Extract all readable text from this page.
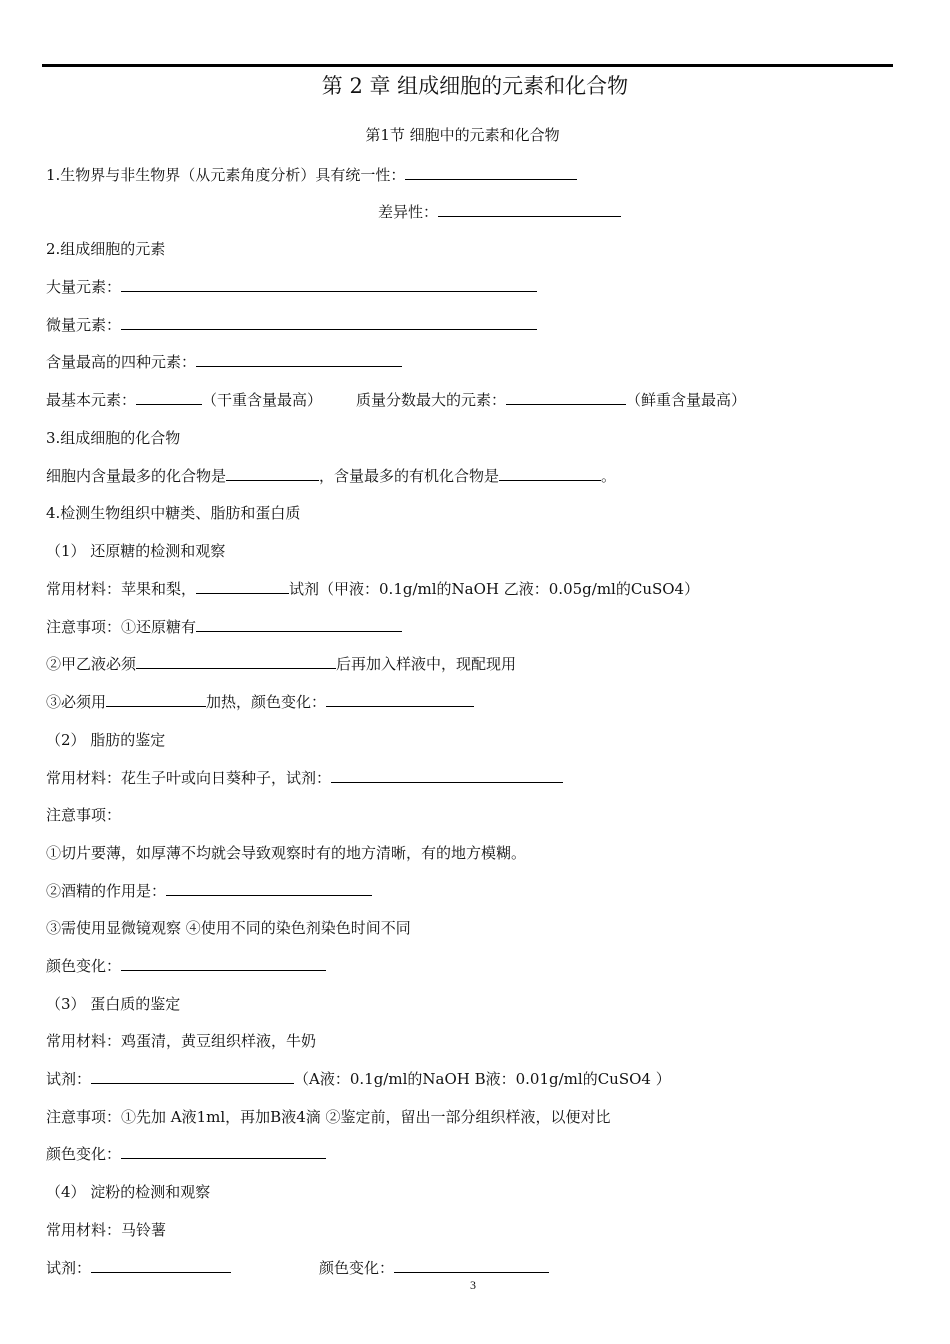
第 2 章 组成细胞的元素和化合物
第1节 细胞中的元素和化合物
1.生物界与非生物界（从元素角度分析）具有统一性：
差异性：
2.组成细胞的元素
大量元素：
微量元素：
含量最高的四种元素：
最基本元素：	（干重含量最高） 质量分数最大的元素：	（鲜重含量最高）
3.组成细胞的化合物
细胞内含量最多的化合物是	，含量最多的有机化合物是	。
4.检测生物组织中糖类、脂肪和蛋白质
（1） 还原糖的检测和观察
常用材料：苹果和梨，	试剂（甲液：0.1g/ml的NaOH 乙液：0.05g/ml的CuSO4）
注意事项：①还原糖有
②甲乙液必须	后再加入样液中，现配现用
③必须用	加热，颜色变化：
（2） 脂肪的鉴定
常用材料：花生子叶或向日葵种子，试剂：
注意事项：
①切片要薄，如厚薄不均就会导致观察时有的地方清晰，有的地方模糊。
②酒精的作用是：
③需使用显微镜观察 ④使用不同的染色剂染色时间不同
颜色变化：
（3） 蛋白质的鉴定
常用材料：鸡蛋清，黄豆组织样液，牛奶
试剂：	（A液：0.1g/ml的NaOH B液：0.01g/ml的CuSO4 ）
注意事项：①先加 A液1ml，再加B液4滴 ②鉴定前，留出一部分组织样液，以便对比
颜色变化：
（4） 淀粉的检测和观察
常用材料：马铃薯
试剂：	颜色变化：
3
